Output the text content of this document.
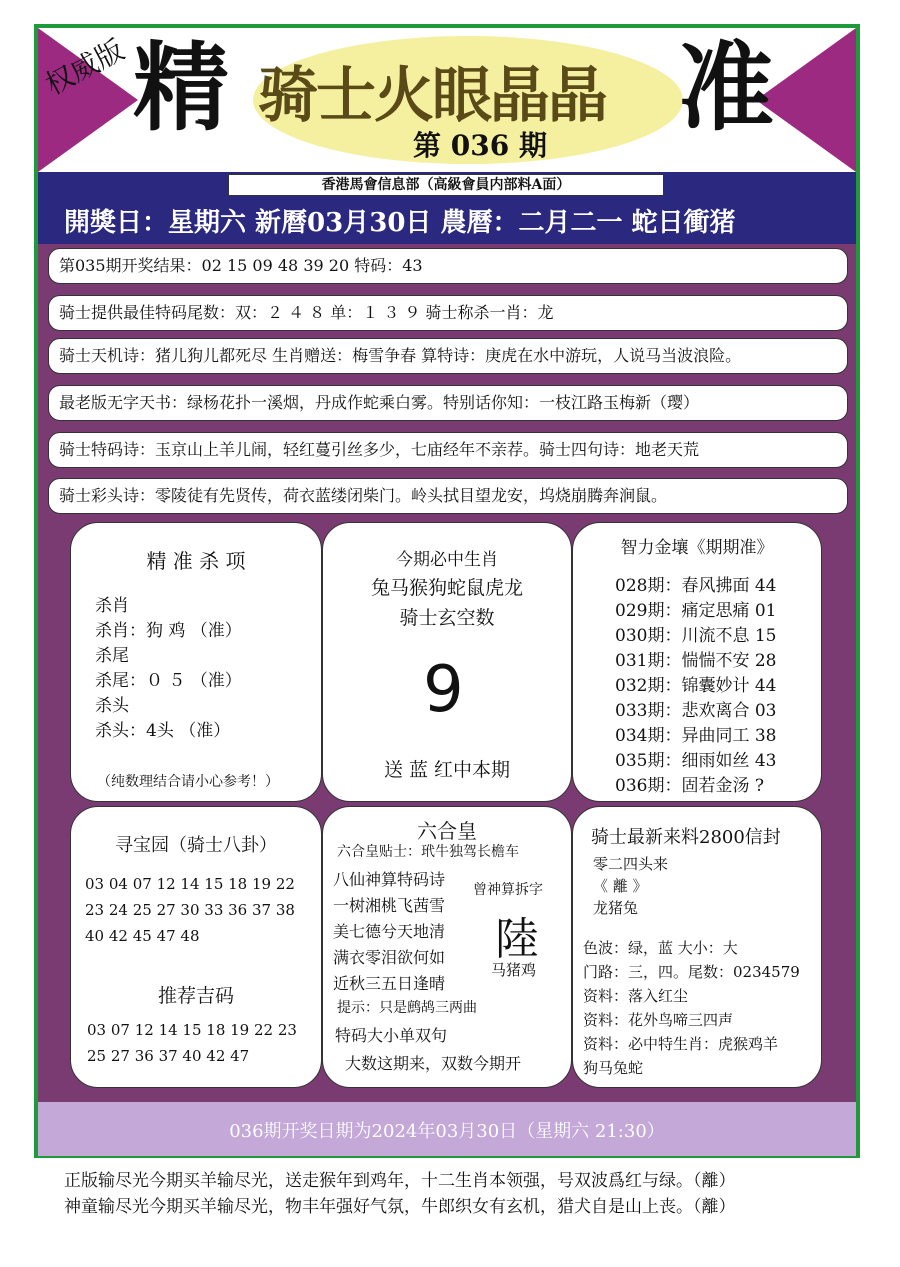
权威版 精 骑士火眼晶晶
第 036 期
准
香港馬會信息部（高級會員内部料A面）
開獎日：星期六 新曆03月30日 農曆：二月二一 蛇日衝猪
第035期开奖结果：02 15 09 48 39 20 特码：43
骑士提供最佳特码尾数：双：２ ４ ８ 单：１ ３ ９ 骑士称杀一肖：龙
骑士天机诗：猪儿狗儿都死尽 生肖赠送：梅雪争春 算特诗：庚虎在水中游玩，人说马当波浪险。
最老版无字天书：绿杨花扑一溪烟，丹成作蛇乘白雾。特别话你知：一枝江路玉梅新（璎）
骑士特码诗：玉京山上羊儿闹，轻红蔓引丝多少，七庙经年不亲荐。骑士四句诗：地老天荒
骑士彩头诗：零陵徒有先贤传，荷衣蓝缕闭柴门。岭头拭目望龙安，坞烧崩腾奔涧鼠。
精 准 杀 项
杀肖
杀肖：狗 鸡 （准）
杀尾
杀尾：０ ５ （准）
杀头
杀头：4头 （准）
（纯数理结合请小心参考！）
今期必中生肖
兔马猴狗蛇鼠虎龙
骑士玄空数
9
送 蓝 红中本期
智力金壤《期期准》
028期：春风拂面 44
029期：痛定思痛 01
030期：川流不息 15
031期：惴惴不安 28
032期：锦囊妙计 44
033期：悲欢离合 03
034期：异曲同工 38
035期：细雨如丝 43
036期：固若金汤 ?
寻宝园（骑士八卦）
03 04 07 12 14 15 18 19 22
23 24 25 27 30 33 36 37 38
40 42 45 47 48
推荐吉码
03 07 12 14 15 18 19 22 23
25 27 36 37 40 42 47
六合皇
六合皇贴士：玳牛独驾长檐车
八仙神算特码诗
一树湘桃飞茜雪
美七德兮天地清
满衣零泪欲何如
近秋三五日逢晴
曾神算拆字
陸
马猪鸡
提示：只是鹧鸪三两曲
特码大小单双句
大数这期来，双数今期开
骑士最新来料2800信封
零二四头来
《 離 》
龙猪兔
色波：绿，蓝 大小：大
门路：三，四。尾数：0234579
资料：落入红尘
资料：花外鸟啼三四声
资料：必中特生肖：虎猴鸡羊
狗马兔蛇
036期开奖日期为2024年03月30日（星期六 21:30）
正版输尽光今期买羊输尽光，送走猴年到鸡年，十二生肖本领强，号双波爲红与绿。（離）
神童输尽光今期买羊输尽光，物丰年强好气氛，牛郎织女有玄机，猎犬自是山上丧。（離）
